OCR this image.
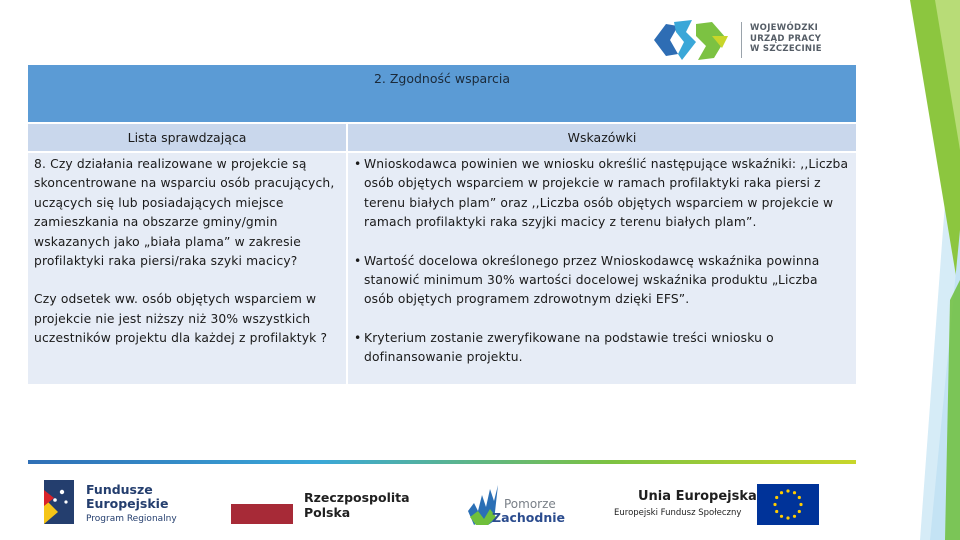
WOJEWÓDZKI
URZĄD PRACY
W SZCZECINIE
2. Zgodność wsparcia
Lista sprawdzająca	Wskazówki

8. Czy działania realizowane w projekcie są skoncentrowane na wsparciu osób pracujących, uczących się lub posiadających miejsce zamieszkania na obszarze gminy/gmin wskazanych jako „biała plama” w zakresie profilaktyki raka piersi/raka szyki macicy?

Czy odsetek ww. osób objętych wsparciem w projekcie nie jest niższy niż 30% wszystkich uczestników projektu dla każdej z profilaktyk ?

• Wnioskodawca powinien we wniosku określić następujące wskaźniki: ,,Liczba osób objętych wsparciem w projekcie w ramach profilaktyki raka piersi z terenu białych plam” oraz ,,Liczba osób objętych wsparciem w projekcie w ramach profilaktyki raka szyjki macicy z terenu białych plam”.
• Wartość docelowa określonego przez Wnioskodawcę wskaźnika powinna stanowić minimum 30% wartości docelowej wskaźnika produktu „Liczba osób objętych programem zdrowotnym dzięki EFS”.
• Kryterium zostanie zweryfikowane na podstawie treści wniosku o dofinansowanie projektu.
Fundusze
Europejskie
Program Regionalny
Rzeczpospolita
Polska
Pomorze
Zachodnie
Unia Europejska
Europejski Fundusz Społeczny
